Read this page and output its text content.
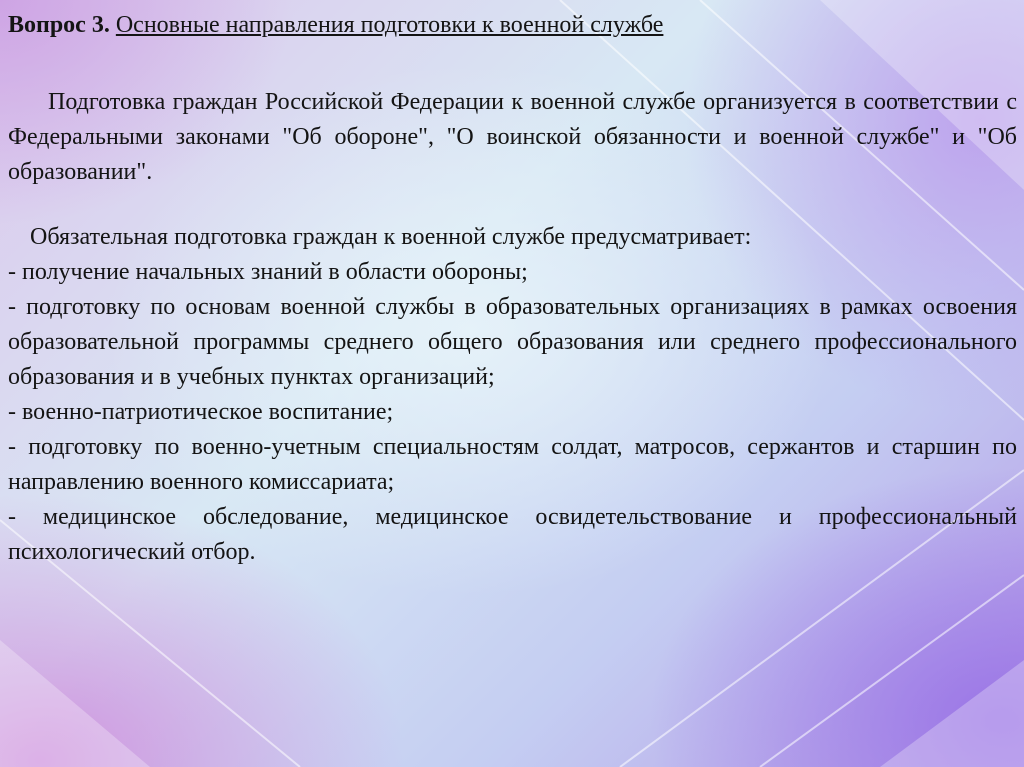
Вопрос 3. Основные направления подготовки к военной службе

Подготовка граждан Российской Федерации к военной службе организуется в соответствии с Федеральными законами "Об обороне", "О воинской обязанности и военной службе" и "Об образовании".

Обязательная подготовка граждан к военной службе предусматривает:

- получение начальных знаний в области обороны;
- подготовку по основам военной службы в образовательных организациях в рамках освоения образовательной программы среднего общего образования или среднего профессионального образования и в учебных пунктах организаций;
- военно-патриотическое воспитание;
- подготовку по военно-учетным специальностям солдат, матросов, сержантов и старшин по направлению военного комиссариата;
- медицинское обследование, медицинское освидетельствование и профессиональный психологический отбор.
